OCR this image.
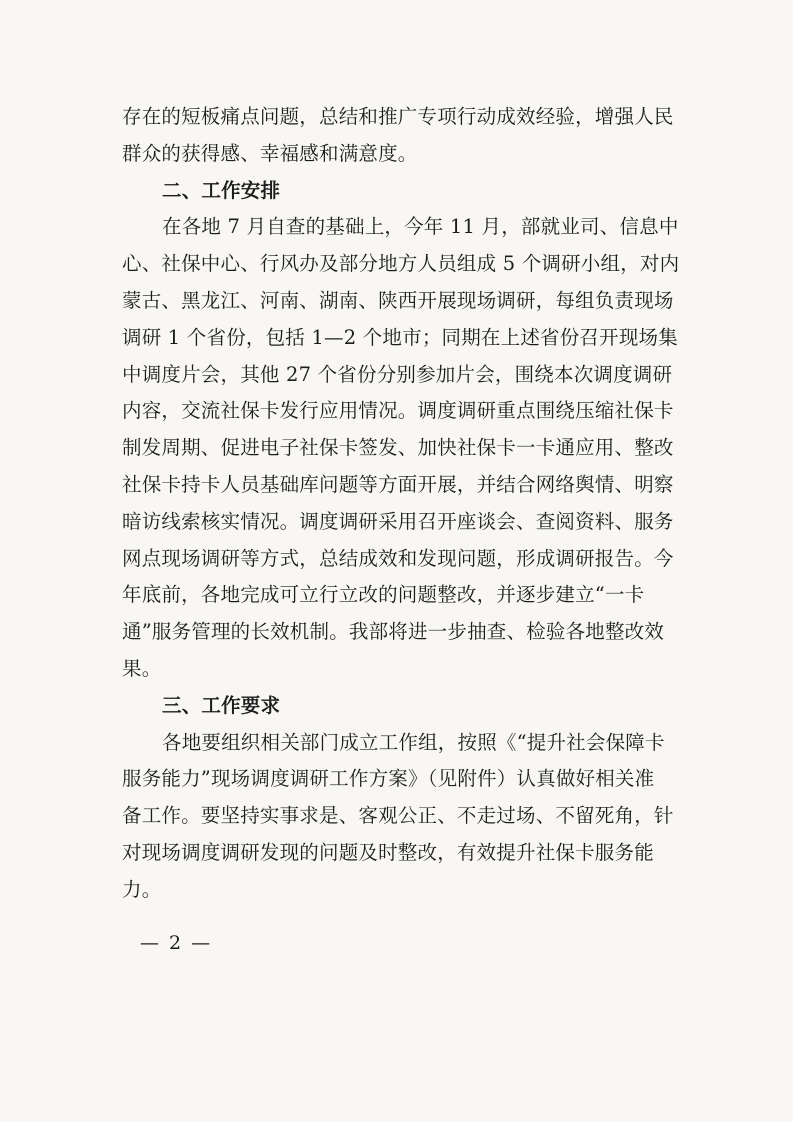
存在的短板痛点问题，总结和推广专项行动成效经验，增强人民
群众的获得感、幸福感和满意度。
二、工作安排
在各地 7 月自查的基础上，今年 11 月，部就业司、信息中
心、社保中心、行风办及部分地方人员组成 5 个调研小组，对内
蒙古、黑龙江、河南、湖南、陕西开展现场调研，每组负责现场
调研 1 个省份，包括 1—2 个地市；同期在上述省份召开现场集
中调度片会，其他 27 个省份分别参加片会，围绕本次调度调研
内容，交流社保卡发行应用情况。调度调研重点围绕压缩社保卡
制发周期、促进电子社保卡签发、加快社保卡一卡通应用、整改
社保卡持卡人员基础库问题等方面开展，并结合网络舆情、明察
暗访线索核实情况。调度调研采用召开座谈会、查阅资料、服务
网点现场调研等方式，总结成效和发现问题，形成调研报告。今
年底前，各地完成可立行立改的问题整改，并逐步建立“一卡
通”服务管理的长效机制。我部将进一步抽查、检验各地整改效
果。
三、工作要求
各地要组织相关部门成立工作组，按照《“提升社会保障卡
服务能力”现场调度调研工作方案》（见附件）认真做好相关准
备工作。要坚持实事求是、客观公正、不走过场、不留死角，针
对现场调度调研发现的问题及时整改，有效提升社保卡服务能
力。
— 2 —
